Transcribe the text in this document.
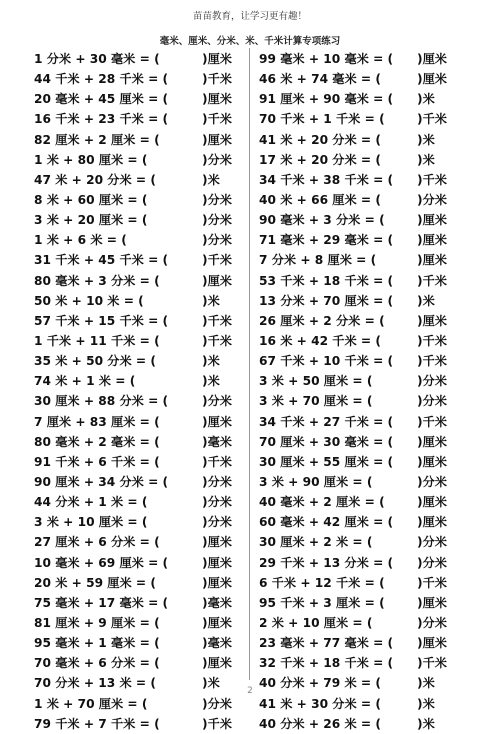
苗苗教育，让学习更有趣！
毫米、厘米、分米、米、千米计算专项练习
1 分米 + 30 毫米 = (	)厘米
44 千米 + 28 千米 = (	)千米
20 毫米 + 45 厘米 = (	)厘米
16 千米 + 23 千米 = (	)千米
82 厘米 + 2 厘米 = (	)厘米
1 米 + 80 厘米 = (	)分米
47 米 + 20 分米 = (	)米
8 米 + 60 厘米 = (	)分米
3 米 + 20 厘米 = (	)分米
1 米 + 6 米 = (	)分米
31 千米 + 45 千米 = (	)千米
80 毫米 + 3 分米 = (	)厘米
50 米 + 10 米 = (	)米
57 千米 + 15 千米 = (	)千米
1 千米 + 11 千米 = (	)千米
35 米 + 50 分米 = (	)米
74 米 + 1 米 = (	)米
30 厘米 + 88 分米 = (	)分米
7 厘米 + 83 厘米 = (	)厘米
80 毫米 + 2 毫米 = (	)毫米
91 千米 + 6 千米 = (	)千米
90 厘米 + 34 分米 = (	)分米
44 分米 + 1 米 = (	)分米
3 米 + 10 厘米 = (	)分米
27 厘米 + 6 分米 = (	)厘米
10 毫米 + 69 厘米 = (	)厘米
20 米 + 59 厘米 = (	)厘米
75 毫米 + 17 毫米 = (	)毫米
81 厘米 + 9 厘米 = (	)厘米
95 毫米 + 1 毫米 = (	)毫米
70 毫米 + 6 分米 = (	)厘米
70 分米 + 13 米 = (	)米
1 米 + 70 厘米 = (	)分米
79 千米 + 7 千米 = (	)千米
99 毫米 + 10 毫米 = ( )厘米
46 米 + 74 毫米 = (	)厘米
91 厘米 + 90 毫米 = ( )米
70 千米 + 1 千米 = (	)千米
41 米 + 20 分米 = (	)米
17 米 + 20 分米 = (	)米
34 千米 + 38 千米 = ( )千米
40 米 + 66 厘米 = (	)分米
90 毫米 + 3 分米 = (	)厘米
71 毫米 + 29 毫米 = ( )厘米
7 分米 + 8 厘米 = (	)厘米
53 千米 + 18 千米 = ( )千米
13 分米 + 70 厘米 = ( )米
26 厘米 + 2 分米 = (	)厘米
16 米 + 42 千米 = (	)千米
67 千米 + 10 千米 = ( )千米
3 米 + 50 厘米 = (	)分米
3 米 + 70 厘米 = (	)分米
34 千米 + 27 千米 = ( )千米
70 厘米 + 30 毫米 = ( )厘米
30 厘米 + 55 厘米 = ( )厘米
3 米 + 90 厘米 = (	)分米
40 毫米 + 2 厘米 = (	)厘米
60 毫米 + 42 厘米 = ( )厘米
30 厘米 + 2 米 = (	)分米
29 千米 + 13 分米 = ( )分米
6 千米 + 12 千米 = (	)千米
95 千米 + 3 厘米 = (	)厘米
2 米 + 10 厘米 = (	)分米
23 毫米 + 77 毫米 = ( )厘米
32 千米 + 18 千米 = ( )千米
40 分米 + 79 米 = (	)米
41 米 + 30 分米 = (	)米
40 分米 + 26 米 = (	)米
2
